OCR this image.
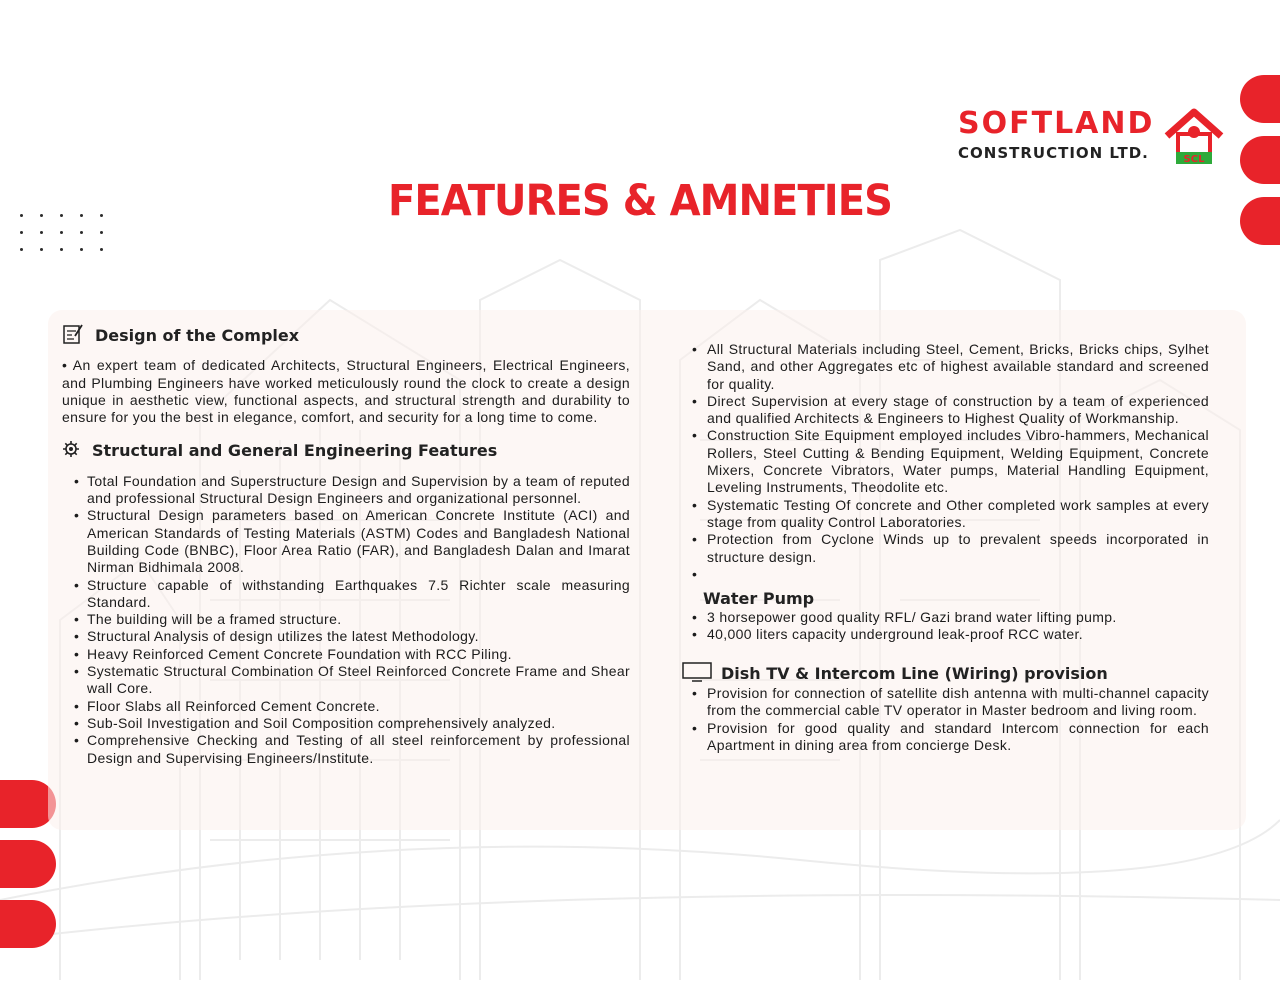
SOFTLAND
CONSTRUCTION LTD.	SCL
FEATURES & AMNETIES
Design of the Complex
• An expert team of dedicated Architects, Structural Engineers, Electrical Engineers, and Plumbing Engineers have worked meticulously round the clock to create a design unique in aesthetic view, functional aspects, and structural strength and durability to ensure for you the best in elegance, comfort, and security for a long time to come.
Structural and General Engineering Features
• Total Foundation and Superstructure Design and Supervision by a team of reputed and professional Structural Design Engineers and organizational personnel.
• Structural Design parameters based on American Concrete Institute (ACI) and American Standards of Testing Materials (ASTM) Codes and Bangladesh National Building Code (BNBC), Floor Area Ratio (FAR), and Bangladesh Dalan and Imarat Nirman Bidhimala 2008.
• Structure capable of withstanding Earthquakes 7.5 Richter scale measuring Standard.
• The building will be a framed structure.
• Structural Analysis of design utilizes the latest Methodology.
• Heavy Reinforced Cement Concrete Foundation with RCC Piling.
• Systematic Structural Combination Of Steel Reinforced Concrete Frame and Shear wall Core.
• Floor Slabs all Reinforced Cement Concrete.
• Sub-Soil Investigation and Soil Composition comprehensively analyzed.
• Comprehensive Checking and Testing of all steel reinforcement by professional Design and Supervising Engineers/Institute.
• All Structural Materials including Steel, Cement, Bricks, Bricks chips, Sylhet Sand, and other Aggregates etc of highest available standard and screened for quality.
• Direct Supervision at every stage of construction by a team of experienced and qualified Architects & Engineers to Highest Quality of Workmanship.
• Construction Site Equipment employed includes Vibro-hammers, Mechanical Rollers, Steel Cutting & Bending Equipment, Welding Equipment, Concrete Mixers, Concrete Vibrators, Water pumps, Material Handling Equipment, Leveling Instruments, Theodolite etc.
• Systematic Testing Of concrete and Other completed work samples at every stage from quality Control Laboratories.
• Protection from Cyclone Winds up to prevalent speeds incorporated in structure design.
•
Water Pump
• 3 horsepower good quality RFL/ Gazi brand water lifting pump.
• 40,000 liters capacity underground leak-proof RCC water.
Dish TV & Intercom Line (Wiring) provision
• Provision for connection of satellite dish antenna with multi-channel capacity from the commercial cable TV operator in Master bedroom and living room.
• Provision for good quality and standard Intercom connection for each Apartment in dining area from concierge Desk.
